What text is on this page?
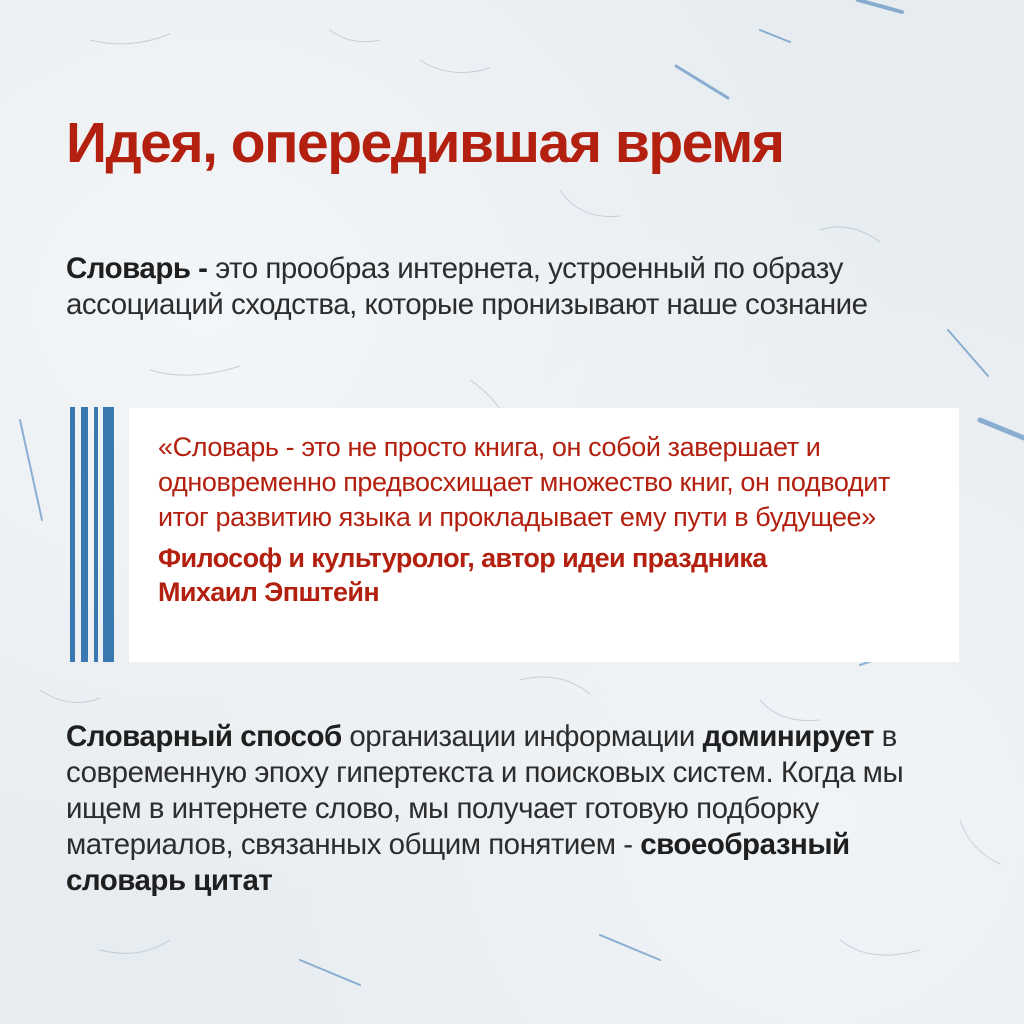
Идея, опередившая время

Словарь - это прообраз интернета, устроенный по образу ассоциаций сходства, которые пронизывают наше сознание

«Словарь - это не просто книга, он собой завершает и одновременно предвосхищает множество книг, он подводит итог развитию языка и прокладывает ему пути в будущее»

Философ и культуролог, автор идеи праздника
Михаил Эпштейн

Словарный способ организации информации доминирует в современную эпоху гипертекста и поисковых систем. Когда мы ищем в интернете слово, мы получает готовую подборку материалов, связанных общим понятием - своеобразный словарь цитат
